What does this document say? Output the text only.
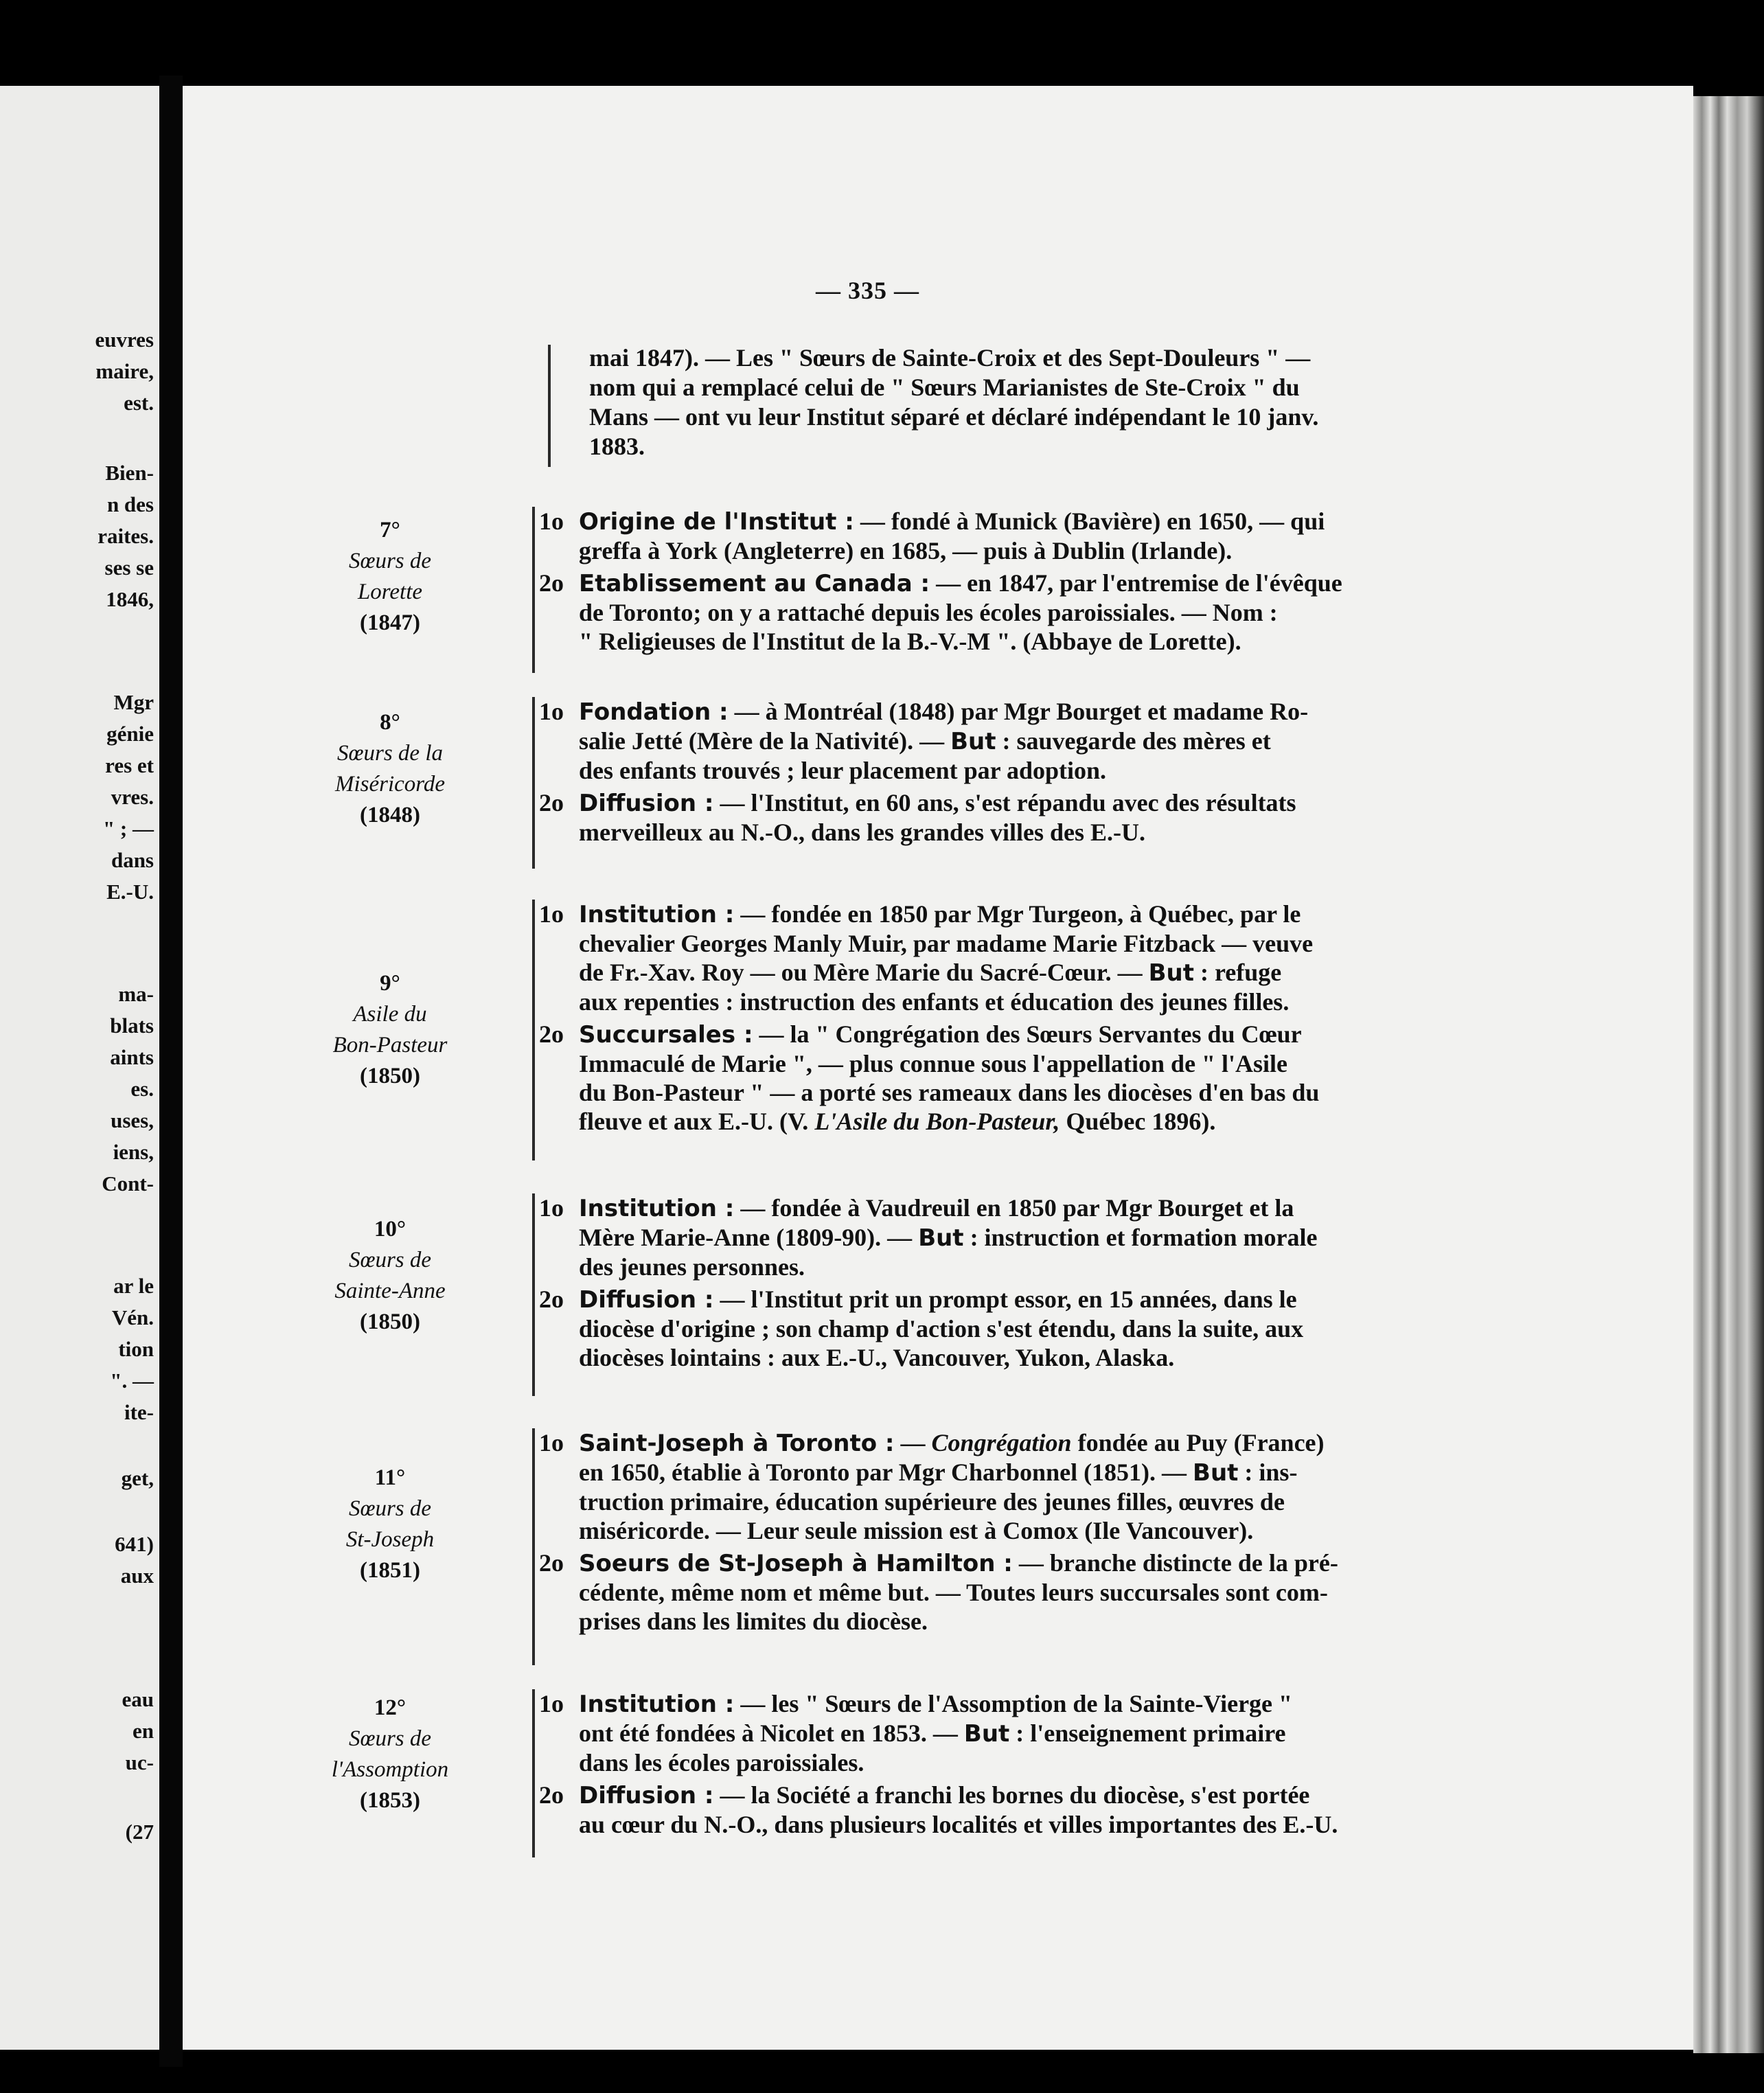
euvres
maire,
est.
Bien-
n des
raites.
ses se
1846,
Mgr
génie
res et
vres.
" ; —
dans
E.-U.
ma-
blats
aints
es.
uses,
iens,
Cont-
ar le
Vén.
tion
". —
ite-
get,
641)
aux
eau
en
uc-
(27
— 335 —

mai 1847). — Les " Sœurs de Sainte-Croix et des Sept-Douleurs " —

nom qui a remplacé celui de " Sœurs Marianistes de Ste-Croix " du

Mans — ont vu leur Institut séparé et déclaré indépendant le 10 janv.

1883.

7°
Sœurs de
Lorette
(1847)
1o Origine de l'Institut : — fondé à Munick (Bavière) en 1650, — qui

greffa à York (Angleterre) en 1685, — puis à Dublin (Irlande).

2o Etablissement au Canada : — en 1847, par l'entremise de l'évêque

de Toronto; on y a rattaché depuis les écoles paroissiales. — Nom :

" Religieuses de l'Institut de la B.-V.-M ". (Abbaye de Lorette).

8°
Sœurs de la
Miséricorde
(1848)
1o Fondation : — à Montréal (1848) par Mgr Bourget et madame Ro-

salie Jetté (Mère de la Nativité). — But : sauvegarde des mères et

des enfants trouvés ; leur placement par adoption.

2o Diffusion : — l'Institut, en 60 ans, s'est répandu avec des résultats

merveilleux au N.-O., dans les grandes villes des E.-U.

9°
Asile du
Bon-Pasteur
(1850)
1o Institution : — fondée en 1850 par Mgr Turgeon, à Québec, par le

chevalier Georges Manly Muir, par madame Marie Fitzback — veuve

de Fr.-Xav. Roy — ou Mère Marie du Sacré-Cœur. — But : refuge

aux repenties : instruction des enfants et éducation des jeunes filles.

2o Succursales : — la " Congrégation des Sœurs Servantes du Cœur

Immaculé de Marie ", — plus connue sous l'appellation de " l'Asile

du Bon-Pasteur " — a porté ses rameaux dans les diocèses d'en bas du

fleuve et aux E.-U. (V. L'Asile du Bon-Pasteur, Québec 1896).

10°
Sœurs de
Sainte-Anne
(1850)
1o Institution : — fondée à Vaudreuil en 1850 par Mgr Bourget et la

Mère Marie-Anne (1809-90). — But : instruction et formation morale

des jeunes personnes.

2o Diffusion : — l'Institut prit un prompt essor, en 15 années, dans le

diocèse d'origine ; son champ d'action s'est étendu, dans la suite, aux

diocèses lointains : aux E.-U., Vancouver, Yukon, Alaska.

11°
Sœurs de
St-Joseph
(1851)
1o Saint-Joseph à Toronto : — Congrégation fondée au Puy (France)

en 1650, établie à Toronto par Mgr Charbonnel (1851). — But : ins-

truction primaire, éducation supérieure des jeunes filles, œuvres de

miséricorde. — Leur seule mission est à Comox (Ile Vancouver).

2o Soeurs de St-Joseph à Hamilton : — branche distincte de la pré-

cédente, même nom et même but. — Toutes leurs succursales sont com-

prises dans les limites du diocèse.

12°
Sœurs de
l'Assomption
(1853)
1o Institution : — les " Sœurs de l'Assomption de la Sainte-Vierge "

ont été fondées à Nicolet en 1853. — But : l'enseignement primaire

dans les écoles paroissiales.

2o Diffusion : — la Société a franchi les bornes du diocèse, s'est portée

au cœur du N.-O., dans plusieurs localités et villes importantes des E.-U.
